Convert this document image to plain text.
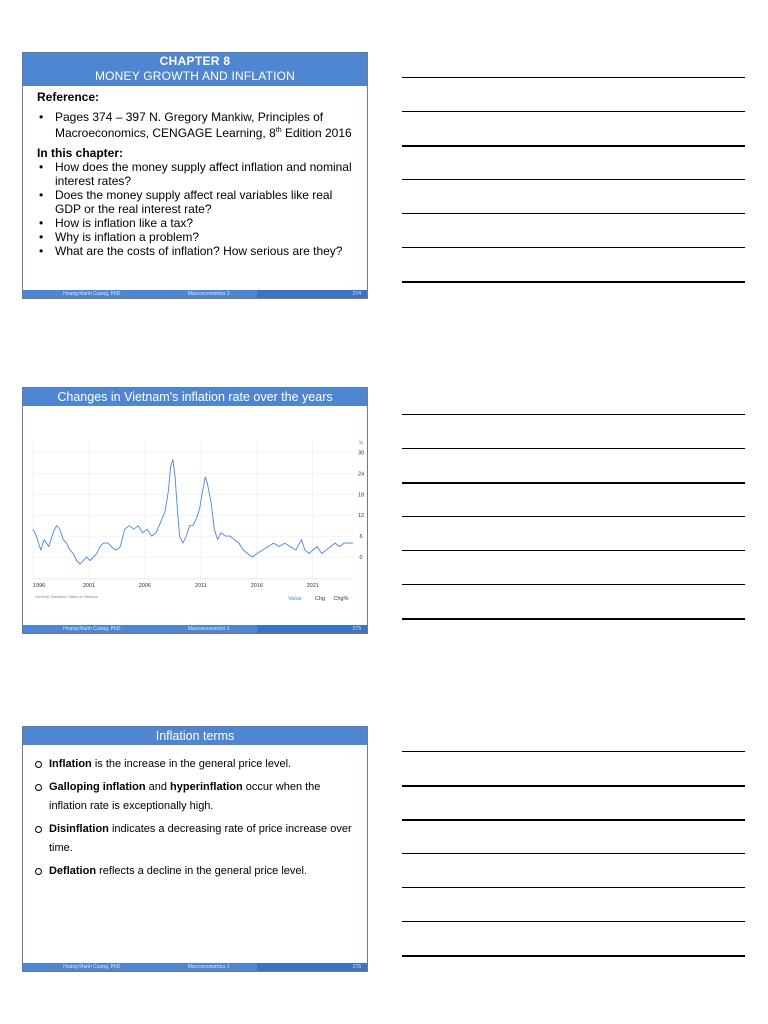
CHAPTER 8
MONEY GROWTH AND INFLATION
Reference:
• Pages 374 – 397 N. Gregory Mankiw, Principles of Macroeconomics, CENGAGE Learning, 8th Edition 2016
In this chapter:
• How does the money supply affect inflation and nominal interest rates?
• Does the money supply affect real variables like real GDP or the real interest rate?
• How is inflation like a tax?
• Why is inflation a problem?
• What are the costs of inflation? How serious are they?
Hoang Manh Cuong, PhD	Macroeconomics 1	274
Changes in Vietnam's inflation rate over the years
30
24
18
12
6
0
1996	2001	2006	2011	2016	2021
%
General Statistics Office of Vietnam	Value Chg Chg%
Hoang Manh Cuong, PhD	Macroeconomics 1	275
Inflation terms
Inflation is the increase in the general price level.
Galloping inflation and hyperinflation occur when the inflation rate is exceptionally high.
Disinflation indicates a decreasing rate of price increase over time.
Deflation reflects a decline in the general price level.
Hoang Manh Cuong, PhD	Macroeconomics 1	276
